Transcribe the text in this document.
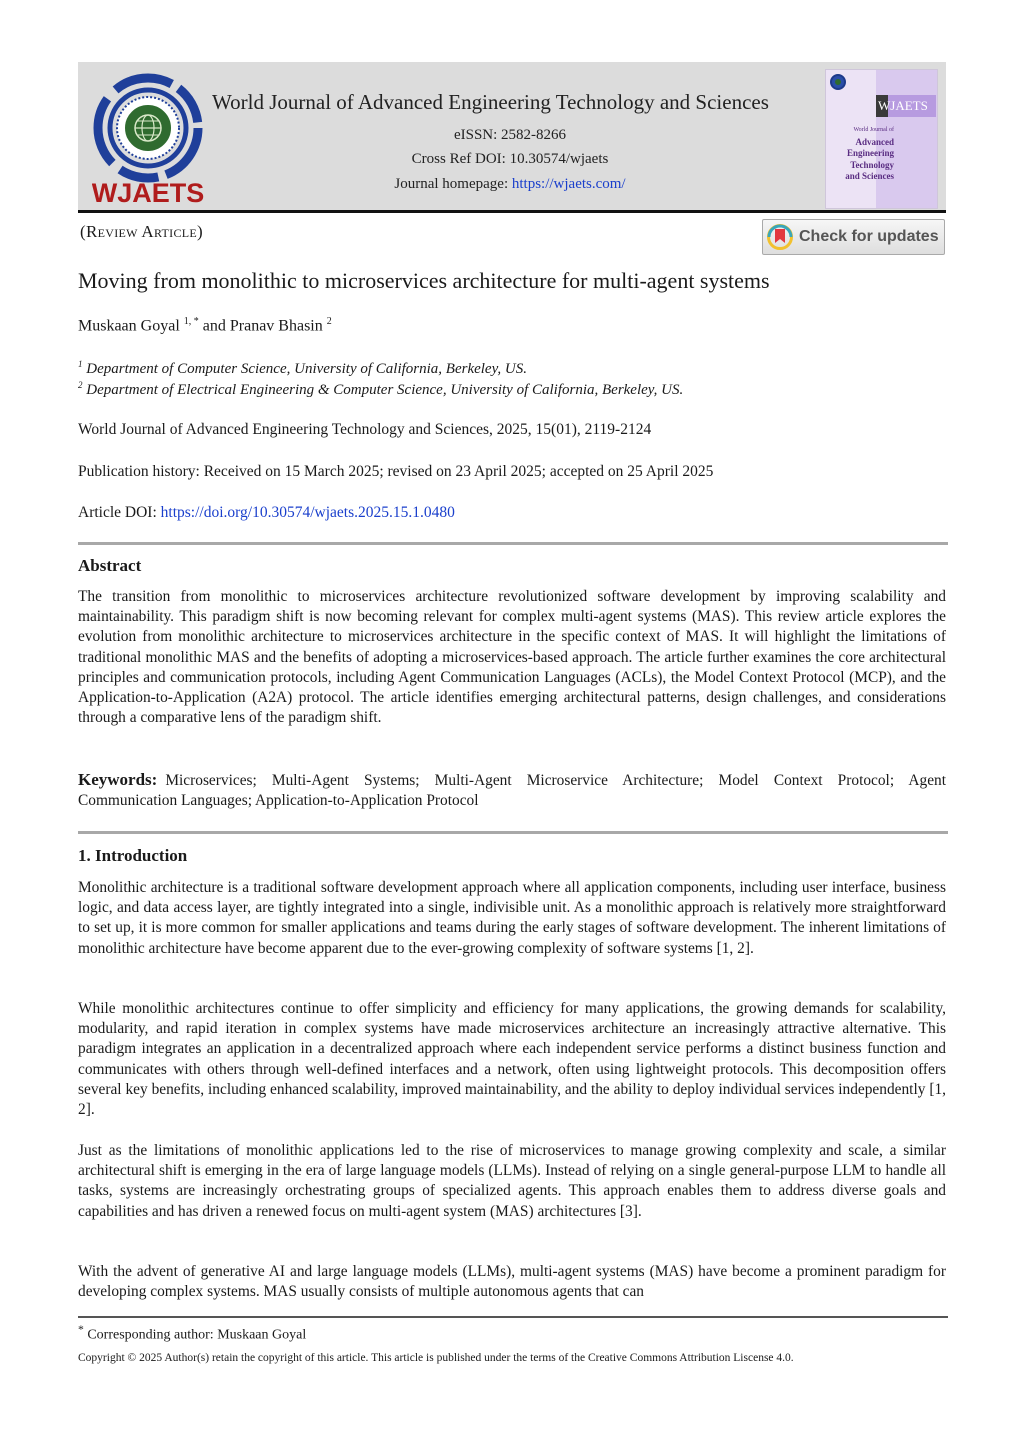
WJAETS
World Journal of Advanced Engineering Technology and Sciences
eISSN: 2582-8266
Cross Ref DOI: 10.30574/wjaets
Journal homepage: https://wjaets.com/
WJAETS
World Journal of
Advanced
Engineering
Technology
and Sciences
(Review Article)	Check for updates
Moving from monolithic to microservices architecture for multi-agent systems
Muskaan Goyal $^{1, *}$ and Pranav Bhasin $^2$
$^1$ Department of Computer Science, University of California, Berkeley, US.
$^2$ Department of Electrical Engineering & Computer Science, University of California, Berkeley, US.
World Journal of Advanced Engineering Technology and Sciences, 2025, 15(01), 2119-2124
Publication history: Received on 15 March 2025; revised on 23 April 2025; accepted on 25 April 2025
Article DOI: https://doi.org/10.30574/wjaets.2025.15.1.0480
Abstract
The transition from monolithic to microservices architecture revolutionized software development by improving scalability and maintainability. This paradigm shift is now becoming relevant for complex multi-agent systems (MAS). This review article explores the evolution from monolithic architecture to microservices architecture in the specific context of MAS. It will highlight the limitations of traditional monolithic MAS and the benefits of adopting a microservices-based approach. The article further examines the core architectural principles and communication protocols, including Agent Communication Languages (ACLs), the Model Context Protocol (MCP), and the Application-to-Application (A2A) protocol. The article identifies emerging architectural patterns, design challenges, and considerations through a comparative lens of the paradigm shift.
Keywords: Microservices; Multi-Agent Systems; Multi-Agent Microservice Architecture; Model Context Protocol; Agent Communication Languages; Application-to-Application Protocol
1. Introduction
Monolithic architecture is a traditional software development approach where all application components, including user interface, business logic, and data access layer, are tightly integrated into a single, indivisible unit. As a monolithic approach is relatively more straightforward to set up, it is more common for smaller applications and teams during the early stages of software development. The inherent limitations of monolithic architecture have become apparent due to the ever-growing complexity of software systems [1, 2].
While monolithic architectures continue to offer simplicity and efficiency for many applications, the growing demands for scalability, modularity, and rapid iteration in complex systems have made microservices architecture an increasingly attractive alternative. This paradigm integrates an application in a decentralized approach where each independent service performs a distinct business function and communicates with others through well-defined interfaces and a network, often using lightweight protocols. This decomposition offers several key benefits, including enhanced scalability, improved maintainability, and the ability to deploy individual services independently [1, 2].
Just as the limitations of monolithic applications led to the rise of microservices to manage growing complexity and scale, a similar architectural shift is emerging in the era of large language models (LLMs). Instead of relying on a single general-purpose LLM to handle all tasks, systems are increasingly orchestrating groups of specialized agents. This approach enables them to address diverse goals and capabilities and has driven a renewed focus on multi-agent system (MAS) architectures [3].
With the advent of generative AI and large language models (LLMs), multi-agent systems (MAS) have become a prominent paradigm for developing complex systems. MAS usually consists of multiple autonomous agents that can
* Corresponding author: Muskaan Goyal
Copyright © 2025 Author(s) retain the copyright of this article. This article is published under the terms of the Creative Commons Attribution Liscense 4.0.
